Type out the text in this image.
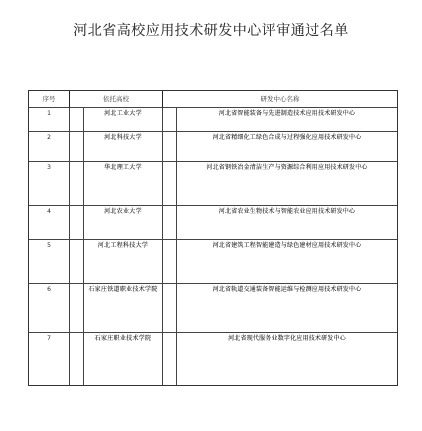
河北省高校应用技术研发中心评审通过名单
序号	依托高校		研发中心名称	
1		河北工业大学		河北省智能装备与先进制造技术应用技术研发中心
2		河北科技大学		河北省精细化工绿色合成与过程强化应用技术研发中心
3		华北理工大学		河北省钢铁冶金清洁生产与资源综合利用应用技术研发中心
4		河北农业大学		河北省农业生物技术与智能农业应用技术研发中心
5		河北工程科技大学		河北省建筑工程智能建造与绿色建材应用技术研发中心
6		石家庄铁道职业技术学院		河北省轨道交通装备智能运维与检测应用技术研发中心
7		石家庄职业技术学院		河北省现代服务业数字化应用技术研发中心
